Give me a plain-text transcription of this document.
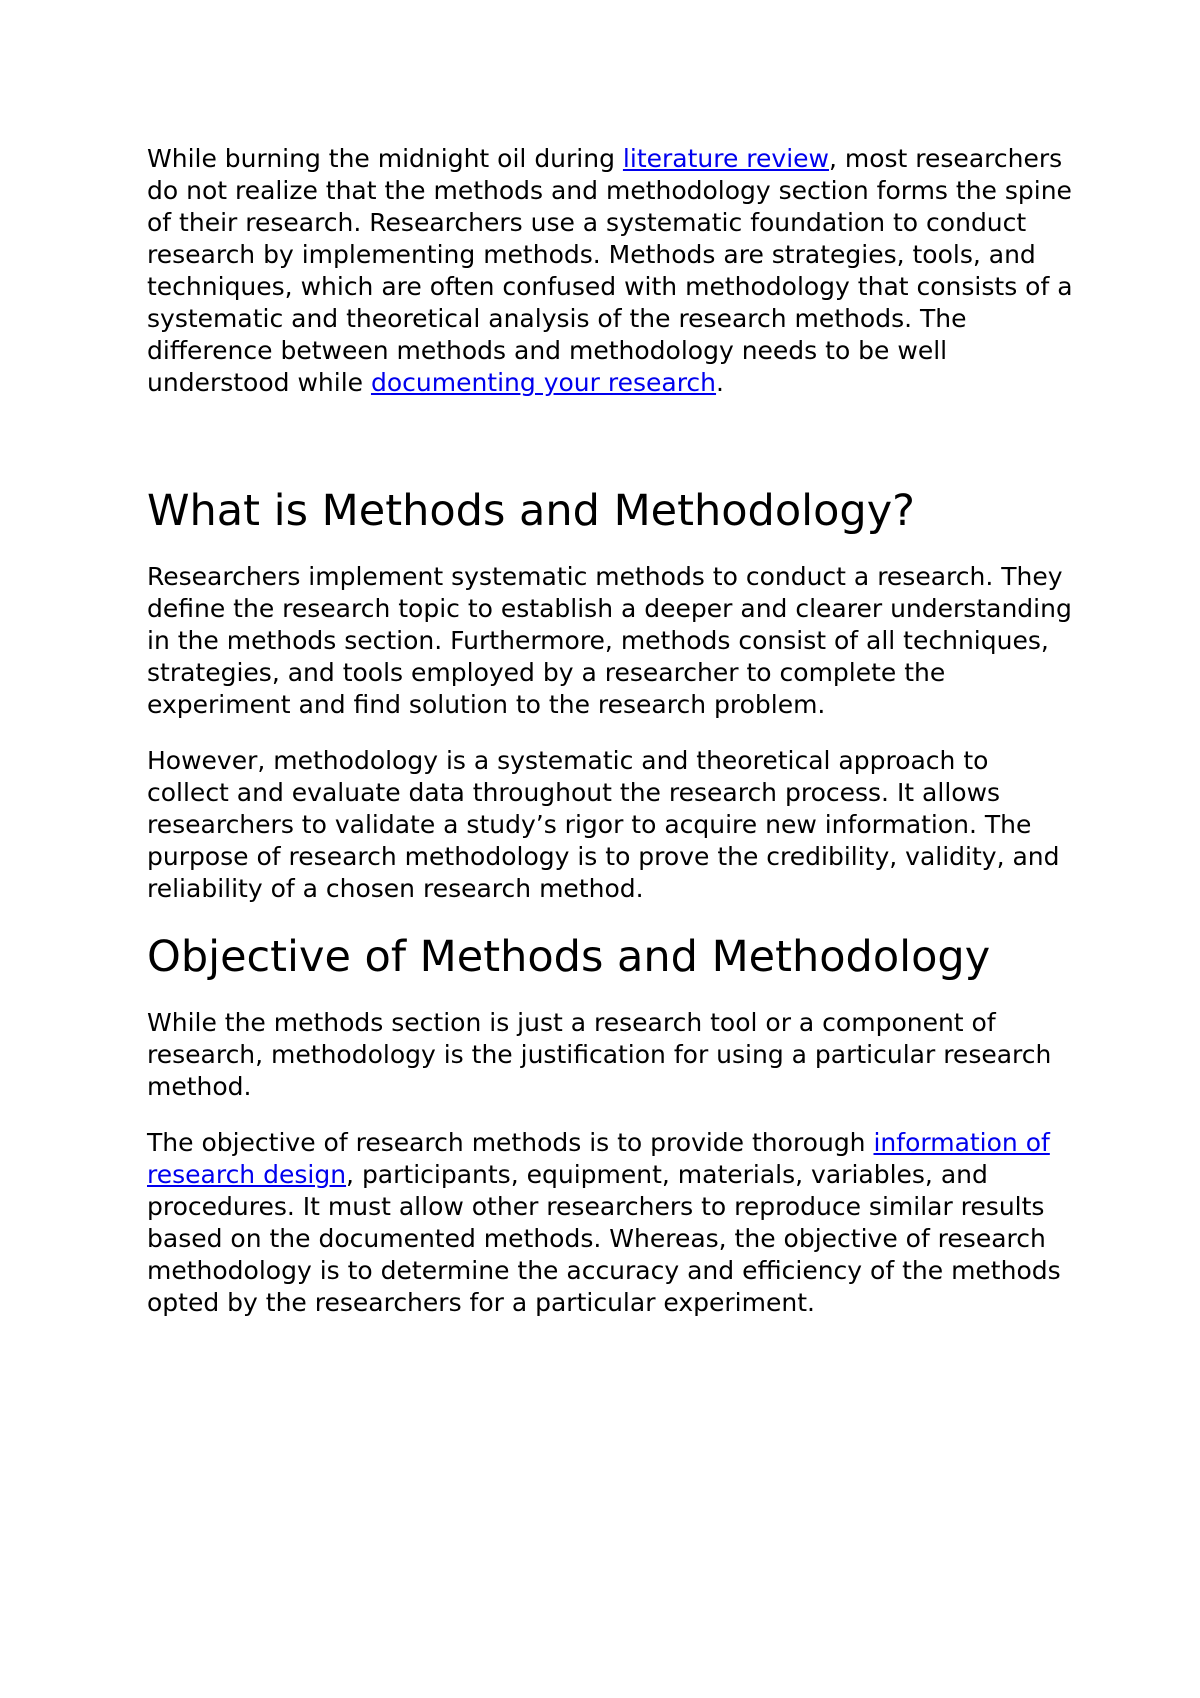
While burning the midnight oil during literature review, most researchers do not realize that the methods and methodology section forms the spine of their research. Researchers use a systematic foundation to conduct research by implementing methods. Methods are strategies, tools, and techniques, which are often confused with methodology that consists of a systematic and theoretical analysis of the research methods. The difference between methods and methodology needs to be well understood while documenting your research.

What is Methods and Methodology?

Researchers implement systematic methods to conduct a research. They define the research topic to establish a deeper and clearer understanding in the methods section. Furthermore, methods consist of all techniques, strategies, and tools employed by a researcher to complete the experiment and find solution to the research problem.

However, methodology is a systematic and theoretical approach to collect and evaluate data throughout the research process. It allows researchers to validate a study’s rigor to acquire new information. The purpose of research methodology is to prove the credibility, validity, and reliability of a chosen research method.

Objective of Methods and Methodology

While the methods section is just a research tool or a component of research, methodology is the justification for using a particular research method.

The objective of research methods is to provide thorough information of research design, participants, equipment, materials, variables, and procedures. It must allow other researchers to reproduce similar results based on the documented methods. Whereas, the objective of research methodology is to determine the accuracy and efficiency of the methods opted by the researchers for a particular experiment.
